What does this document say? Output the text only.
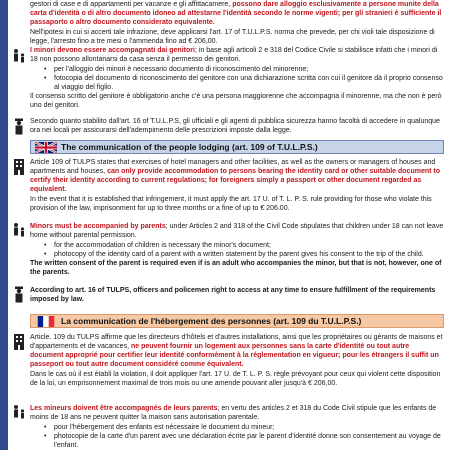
gestori di case e di appartamenti per vacanze e gli affittacamere, possono dare alloggio esclusivamente a persone munite della carta d'identità o di altro documento idoneo ad attestarne l'identità secondo le norme vigenti; per gli stranieri è sufficiente il passaporto o altro documento considerato equivalente.

Nell'ipotesi in cui si accerti tale infrazione, deve applicarsi l'art. 17 of T.U.L.P.S. norma che prevede, per chi violi tale disposizione di legge, l'arresto fino a tre mesi o l'ammenda fino ad € 206,00.

I minori devono essere accompagnati dai genitori; in base agli articoli 2 e 318 del Codice Civile si stabilisce infatti che i minori di 18 non possono allontanarsi da casa senza il permesso dei genitori.

• per l'alloggio dei minori è necessario documento di riconoscimento del minorenne;
• fotocopia del documento di riconoscimento del genitore con una dichiarazione scritta con cui il genitore dà il proprio consenso al viaggio del figlio.

Il consenso scritto del genitore è obbligatorio anche c'è una persona maggiorenne che accompagna il minorenne, ma che non è però uno dei genitori.

Secondo quanto stabilito dall'art. 16 of T.U.L.P.S, gli ufficiali e gli agenti di pubblica sicurezza hanno facoltà di accedere in qualunque ora nei locali per assicurarsi dell'adempimento delle prescrizioni imposte dalla legge.

The communication of the people lodging (art. 109 of T.U.L.P.S.)

Article 109 of TULPS states that exercises of hotel managers and other facilities, as well as the owners or managers of houses and apartments and houses, can only provide accommodation to persons bearing the identity card or other suitable document to certify their identity according to current regulations; for foreigners simply a passport or other document regarded as equivalent.

In the event that it is established that infringement, it must apply the art. 17 U. of T. L. P. S. rule providing for those who violate this provision of the law, imprisonment for up to three months or a fine of up to € 206.00.

Minors must be accompanied by parents; under Articles 2 and 318 of the Civil Code stipulates that children under 18 can not leave home without parental permission.

• for the accommodation of children is necessary the minor's document;
• photocopy of the identity card of a parent with a written statement by the parent gives his consent to the trip of the child.

The written consent of the parent is required even if is an adult who accompanies the minor, but that is not, however, one of the parents.

According to art. 16 of TULPS, officers and policemen right to access at any time to ensure fulfillment of the requirements imposed by law.

La communication de l'hébergement des personnes (art. 109 du T.U.L.P.S.)

Article. 109 du TULPS affirme que les directeurs d'hôtels et d'autres installations, ainsi que les propriétaires ou gérants de maisons et d'appartements et de vacances, ne peuvent fournir un logement aux personnes sans la carte d'identité ou tout autre document approprié pour certifier leur identité conformément à la réglementation en vigueur; pour les étrangers il suffit un passeport ou tout autre document considéré comme équivalent.

Dans le cas où il est établi la violation, il doit appliquer l'art. 17 U. de T. L. P. S. règle prévoyant pour ceux qui violent cette disposition de la loi, un emprisonnement maximal de trois mois ou une amende pouvant aller jusqu'à € 206,00.

Les mineurs doivent être accompagnés de leurs parents; en vertu des articles 2 et 318 du Code Civil stipule que les enfants de moins de 18 ans ne peuvent quitter la maison sans autorisation parentale.

• pour l'hébergement des enfants est nécessaire le document du mineur;
• photocopie de la carte d'un parent avec une déclaration écrite par le parent d'identité donne son consentement au voyage de l'enfant.
